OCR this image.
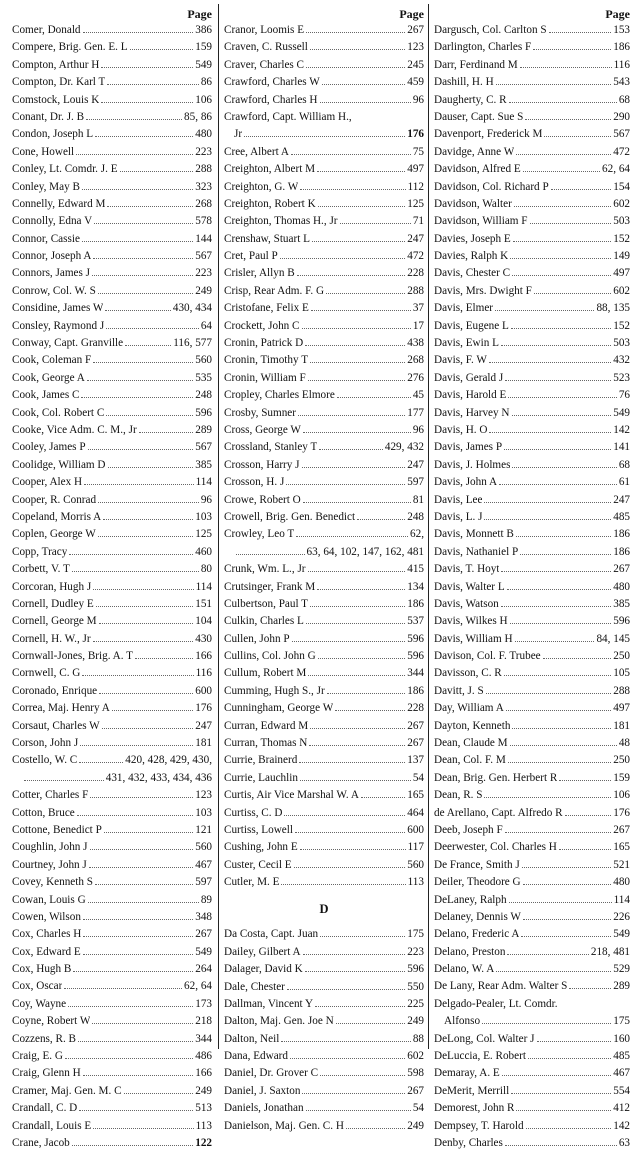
Page
Comer, Donald	386
Compere, Brig. Gen. E. L	159
Compton, Arthur H	549
Compton, Dr. Karl T	86
Comstock, Louis K	106
Conant, Dr. J. B	85, 86
Condon, Joseph L	480
Cone, Howell	223
Conley, Lt. Comdr. J. E	288
Conley, May B	323
Connelly, Edward M	268
Connolly, Edna V	578
Connor, Cassie	144
Connor, Joseph A	567
Connors, James J	223
Conrow, Col. W. S	249
Considine, James W	430, 434
Consley, Raymond J	64
Conway, Capt. Granville	116, 577
Cook, Coleman F	560
Cook, George A	535
Cook, James C	248
Cook, Col. Robert C	596
Cooke, Vice Adm. C. M., Jr	289
Cooley, James P	567
Coolidge, William D	385
Cooper, Alex H	114
Cooper, R. Conrad	96
Copeland, Morris A	103
Coplen, George W	125
Copp, Tracy	460
Corbett, V. T	80
Corcoran, Hugh J	114
Cornell, Dudley E	151
Cornell, George M	104
Cornell, H. W., Jr	430
Cornwall-Jones, Brig. A. T	166
Cornwell, C. G	116
Coronado, Enrique	600
Correa, Maj. Henry A	176
Corsaut, Charles W	247
Corson, John J	181
Costello, W. C	420, 428, 429, 430,
431, 432, 433, 434, 436
Cotter, Charles F	123
Cotton, Bruce	103
Cottone, Benedict P	121
Coughlin, John J	560
Courtney, John J	467
Covey, Kenneth S	597
Cowan, Louis G	89
Cowen, Wilson	348
Cox, Charles H	267
Cox, Edward E	549
Cox, Hugh B	264
Cox, Oscar	62, 64
Coy, Wayne	173
Coyne, Robert W	218
Cozzens, R. B	344
Craig, E. G	486
Craig, Glenn H	166
Cramer, Maj. Gen. M. C	249
Crandall, C. D	513
Crandall, Louis E	113
Crane, Jacob	122
Page
Cranor, Loomis E	267
Craven, C. Russell	123
Craver, Charles C	245
Crawford, Charles W	459
Crawford, Charles H	96
Crawford, Capt. William H.,
Jr	176
Cree, Albert A	75
Creighton, Albert M	497
Creighton, G. W	112
Creighton, Robert K	125
Creighton, Thomas H., Jr	71
Crenshaw, Stuart L	247
Cret, Paul P	472
Crisler, Allyn B	228
Crisp, Rear Adm. F. G	288
Cristofane, Felix E	37
Crockett, John C	17
Cronin, Patrick D	438
Cronin, Timothy T	268
Cronin, William F	276
Cropley, Charles Elmore	45
Crosby, Sumner	177
Cross, George W	96
Crossland, Stanley T	429, 432
Crosson, Harry J	247
Crosson, H. J	597
Crowe, Robert O	81
Crowell, Brig. Gen. Benedict	248
Crowley, Leo T	62,
63, 64, 102, 147, 162, 481
Crunk, Wm. L., Jr	415
Crutsinger, Frank M	134
Culbertson, Paul T	186
Culkin, Charles L	537
Cullen, John P	596
Cullins, Col. John G	596
Cullum, Robert M	344
Cumming, Hugh S., Jr	186
Cunningham, George W	228
Curran, Edward M	267
Curran, Thomas N	267
Currie, Brainerd	137
Currie, Lauchlin	54
Curtis, Air Vice Marshal W. A	165
Curtiss, C. D	464
Curtiss, Lowell	600
Cushing, John E	117
Custer, Cecil E	560
Cutler, M. E	113
D
Da Costa, Capt. Juan	175
Dailey, Gilbert A	223
Dalager, David K	596
Dale, Chester	550
Dallman, Vincent Y	225
Dalton, Maj. Gen. Joe N	249
Dalton, Neil	88
Dana, Edward	602
Daniel, Dr. Grover C	598
Daniel, J. Saxton	267
Daniels, Jonathan	54
Danielson, Maj. Gen. C. H	249
Page
Dargusch, Col. Carlton S	153
Darlington, Charles F	186
Darr, Ferdinand M	116
Dashill, H. H	543
Daugherty, C. R	68
Dauser, Capt. Sue S	290
Davenport, Frederick M	567
Davidge, Anne W	472
Davidson, Alfred E	62, 64
Davidson, Col. Richard P	154
Davidson, Walter	602
Davidson, William F	503
Davies, Joseph E	152
Davies, Ralph K	149
Davis, Chester C	497
Davis, Mrs. Dwight F	602
Davis, Elmer	88, 135
Davis, Eugene L	152
Davis, Ewin L	503
Davis, F. W	432
Davis, Gerald J	523
Davis, Harold E	76
Davis, Harvey N	549
Davis, H. O	142
Davis, James P	141
Davis, J. Holmes	68
Davis, John A	61
Davis, Lee	247
Davis, L. J	485
Davis, Monnett B	186
Davis, Nathaniel P	186
Davis, T. Hoyt	267
Davis, Walter L	480
Davis, Watson	385
Davis, Wilkes H	596
Davis, William H	84, 145
Davison, Col. F. Trubee	250
Davisson, C. R	105
Davitt, J. S	288
Day, William A	497
Dayton, Kenneth	181
Dean, Claude M	48
Dean, Col. F. M	250
Dean, Brig. Gen. Herbert R	159
Dean, R. S	106
de Arellano, Capt. Alfredo R	176
Deeb, Joseph F	267
Deerwester, Col. Charles H	165
De France, Smith J	521
Deiler, Theodore G	480
DeLaney, Ralph	114
Delaney, Dennis W	226
Delano, Frederic A	549
Delano, Preston	218, 481
Delano, W. A	529
De Lany, Rear Adm. Walter S	289
Delgado-Pealer, Lt. Comdr.
Alfonso	175
DeLong, Col. Walter J	160
DeLuccia, E. Robert	485
Demaray, A. E	467
DeMerit, Merrill	554
Demorest, John R	412
Dempsey, T. Harold	142
Denby, Charles	63
